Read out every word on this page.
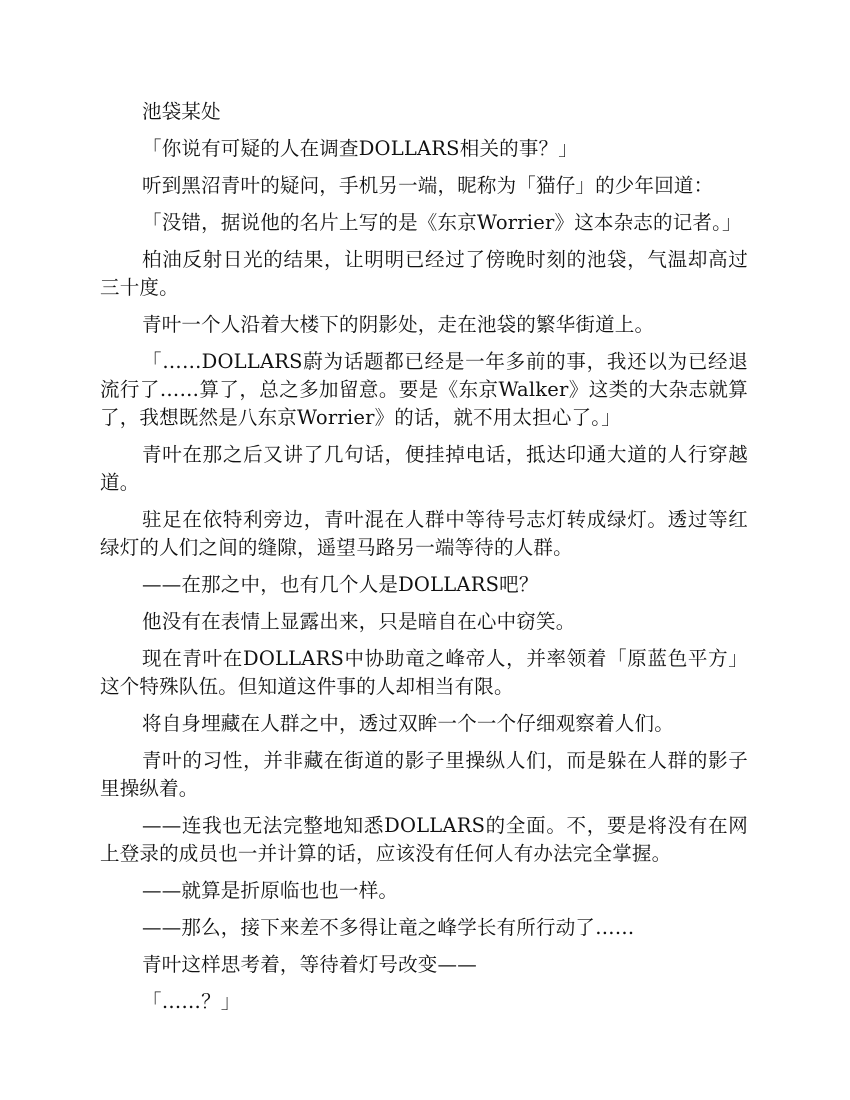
池袋某处

「你说有可疑的人在调查DOLLARS相关的事？」

听到黑沼青叶的疑问，手机另一端，昵称为「猫仔」的少年回道：

「没错，据说他的名片上写的是《东京Worrier》这本杂志的记者。」

柏油反射日光的结果，让明明已经过了傍晚时刻的池袋，气温却高过三十度。

青叶一个人沿着大楼下的阴影处，走在池袋的繁华街道上。

「……DOLLARS蔚为话题都已经是一年多前的事，我还以为已经退流行了……算了，总之多加留意。要是《东京Walker》这类的大杂志就算了，我想既然是八东京Worrier》的话，就不用太担心了。」

青叶在那之后又讲了几句话，便挂掉电话，抵达印通大道的人行穿越道。

驻足在依特利旁边，青叶混在人群中等待号志灯转成绿灯。透过等红绿灯的人们之间的缝隙，遥望马路另一端等待的人群。

——在那之中，也有几个人是DOLLARS吧？

他没有在表情上显露出来，只是暗自在心中窃笑。

现在青叶在DOLLARS中协助竜之峰帝人，并率领着「原蓝色平方」这个特殊队伍。但知道这件事的人却相当有限。

将自身埋藏在人群之中，透过双眸一个一个仔细观察着人们。

青叶的习性，并非藏在街道的影子里操纵人们，而是躲在人群的影子里操纵着。

——连我也无法完整地知悉DOLLARS的全面。不，要是将没有在网上登录的成员也一并计算的话，应该没有任何人有办法完全掌握。

——就算是折原临也也一样。

——那么，接下来差不多得让竜之峰学长有所行动了……

青叶这样思考着，等待着灯号改变——

「……？」
